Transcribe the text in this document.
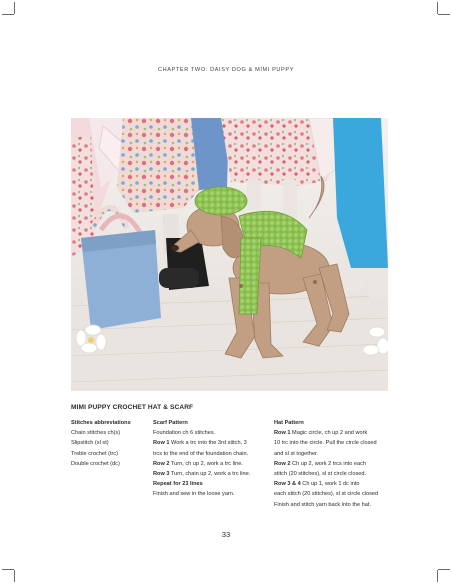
CHAPTER TWO: DAISY DOG & MIMI PUPPY
MIMI PUPPY CROCHET HAT & SCARF
Stitches abbreviations
Chain stitches ch(s)
Slipstitch (sl st)
Treble crochet (trc)
Double crochet (dc)
Scarf Pattern
Foundation ch 6 stitches.
Row 1 Work a trc into the 3rd stitch, 3
trcs to the end of the foundation chain.
Row 2 Turn, ch up 2, work a trc line.
Row 3 Turn, chain up 2, work a trc line.
Repeat for 23 lines
Finish and sew in the loose yarn.
Hat Pattern
Row 1 Magic circle, ch up 2 and work
10 trc into the circle. Pull the circle closed
and sl st together.
Row 2 Ch up 2, work 2 trcs into each
stitch (20 stitches), sl st circle closed.
Row 3 & 4 Ch up 1, work 1 dc into
each stitch (20 stitches), sl st circle closed
Finish and stitch yarn back into the hat.
33
